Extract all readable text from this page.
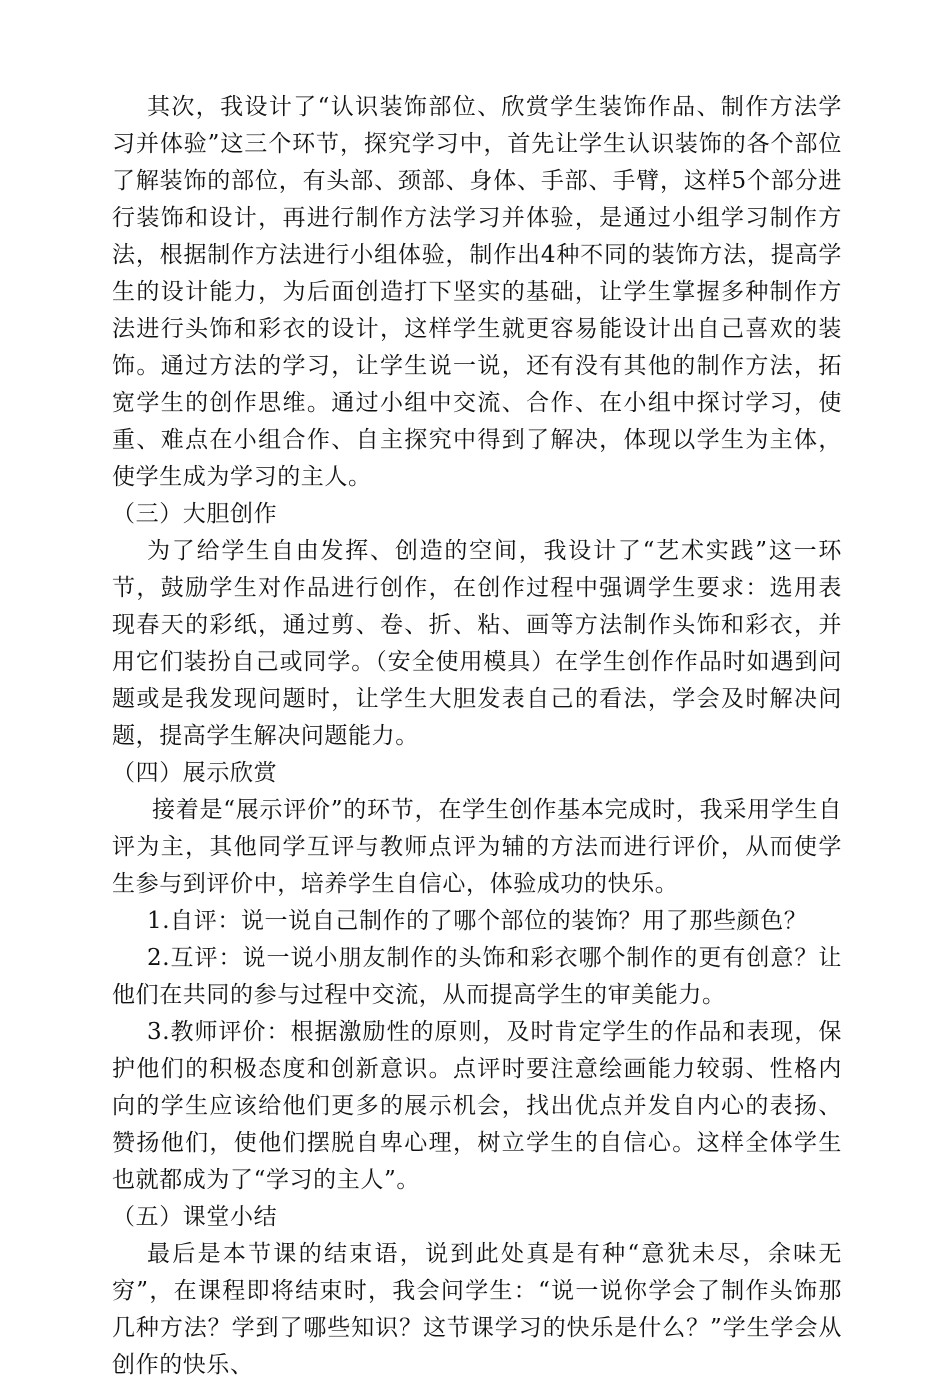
其次，我设计了“认识装饰部位、欣赏学生装饰作品、制作方法学习并体验”这三个环节，探究学习中，首先让学生认识装饰的各个部位了解装饰的部位，有头部、颈部、身体、手部、手臂，这样5个部分进行装饰和设计，再进行制作方法学习并体验，是通过小组学习制作方法，根据制作方法进行小组体验，制作出4种不同的装饰方法，提高学生的设计能力，为后面创造打下坚实的基础，让学生掌握多种制作方法进行头饰和彩衣的设计，这样学生就更容易能设计出自己喜欢的装饰。通过方法的学习，让学生说一说，还有没有其他的制作方法，拓宽学生的创作思维。通过小组中交流、合作、在小组中探讨学习，使重、难点在小组合作、自主探究中得到了解决，体现以学生为主体，使学生成为学习的主人。

（三）大胆创作

为了给学生自由发挥、创造的空间，我设计了“艺术实践”这一环节，鼓励学生对作品进行创作，在创作过程中强调学生要求：选用表现春天的彩纸，通过剪、卷、折、粘、画等方法制作头饰和彩衣，并用它们装扮自己或同学。（安全使用模具）在学生创作作品时如遇到问题或是我发现问题时，让学生大胆发表自己的看法，学会及时解决问题，提高学生解决问题能力。

（四）展示欣赏

接着是“展示评价”的环节，在学生创作基本完成时，我采用学生自评为主，其他同学互评与教师点评为辅的方法而进行评价，从而使学生参与到评价中，培养学生自信心，体验成功的快乐。

1.自评：说一说自己制作的了哪个部位的装饰？用了那些颜色？

2.互评：说一说小朋友制作的头饰和彩衣哪个制作的更有创意？让他们在共同的参与过程中交流，从而提高学生的审美能力。

3.教师评价：根据激励性的原则，及时肯定学生的作品和表现，保护他们的积极态度和创新意识。点评时要注意绘画能力较弱、性格内向的学生应该给他们更多的展示机会，找出优点并发自内心的表扬、赞扬他们，使他们摆脱自卑心理，树立学生的自信心。这样全体学生也就都成为了“学习的主人”。

（五）课堂小结

最后是本节课的结束语，说到此处真是有种“意犹未尽，余味无穷”，在课程即将结束时，我会问学生：“说一说你学会了制作头饰那几种方法？学到了哪些知识？这节课学习的快乐是什么？”学生学会从创作的快乐、
